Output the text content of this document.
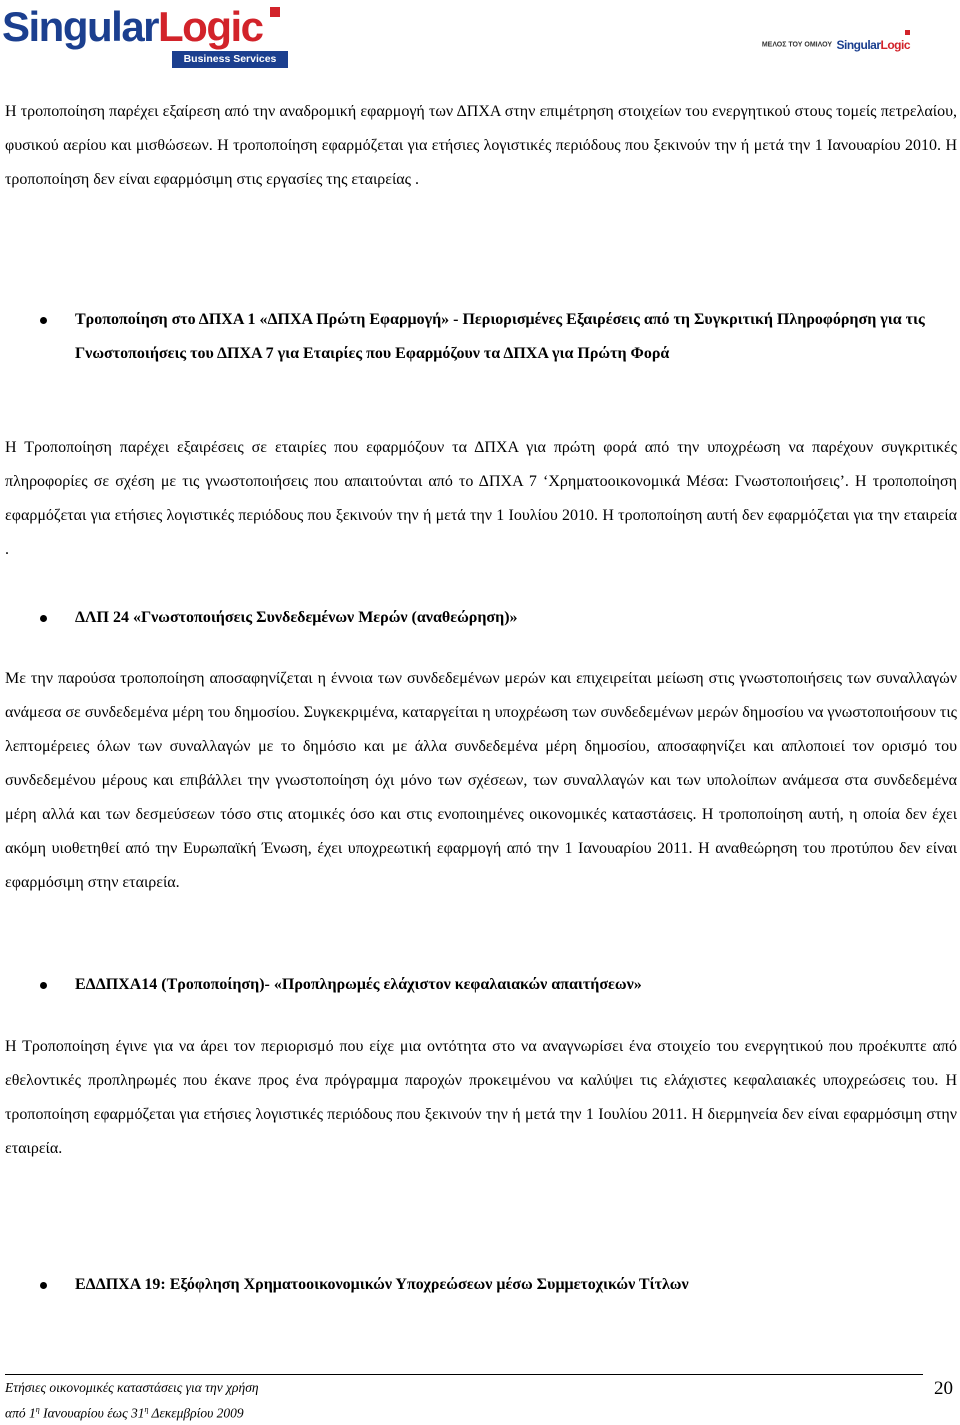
SingularLogic
Business Services
ΜΕΛΟΣ ΤΟΥ ΟΜΙΛΟΥ SingularLogic

Η τροποποίηση παρέχει εξαίρεση από την αναδρομική εφαρμογή των ΔΠΧΑ στην επιμέτρηση στοιχείων του ενεργητικού στους τομείς πετρελαίου, φυσικού αερίου και μισθώσεων. Η τροποποίηση εφαρμόζεται για ετήσιες λογιστικές περιόδους που ξεκινούν την ή μετά την 1 Ιανουαρίου 2010. Η τροποποίηση δεν είναι εφαρμόσιμη στις εργασίες της εταιρείας .

Τροποποίηση στο ΔΠΧΑ 1 «ΔΠΧΑ Πρώτη Εφαρμογή» - Περιορισμένες Εξαιρέσεις από τη Συγκριτική Πληροφόρηση για τις Γνωστοποιήσεις του ΔΠΧΑ 7 για Εταιρίες που Εφαρμόζουν τα ΔΠΧΑ για Πρώτη Φορά

Η Τροποποίηση παρέχει εξαιρέσεις σε εταιρίες που εφαρμόζουν τα ΔΠΧΑ για πρώτη φορά από την υποχρέωση να παρέχουν συγκριτικές πληροφορίες σε σχέση με τις γνωστοποιήσεις που απαιτούνται από το ΔΠΧΑ 7 ‘Χρηματοοικονομικά Μέσα: Γνωστοποιήσεις’. Η τροποποίηση εφαρμόζεται για ετήσιες λογιστικές περιόδους που ξεκινούν την ή μετά την 1 Ιουλίου 2010. Η τροποποίηση αυτή δεν εφαρμόζεται για την εταιρεία .

ΔΛΠ 24 «Γνωστοποιήσεις Συνδεδεμένων Μερών (αναθεώρηση)»

Με την παρούσα τροποποίηση αποσαφηνίζεται η έννοια των συνδεδεμένων μερών και επιχειρείται μείωση στις γνωστοποιήσεις των συναλλαγών ανάμεσα σε συνδεδεμένα μέρη του δημοσίου. Συγκεκριμένα, καταργείται η υποχρέωση των συνδεδεμένων μερών δημοσίου να γνωστοποιήσουν τις λεπτομέρειες όλων των συναλλαγών με το δημόσιο και με άλλα συνδεδεμένα μέρη δημοσίου, αποσαφηνίζει και απλοποιεί τον ορισμό του συνδεδεμένου μέρους και επιβάλλει την γνωστοποίηση όχι μόνο των σχέσεων, των συναλλαγών και των υπολοίπων ανάμεσα στα συνδεδεμένα μέρη αλλά και των δεσμεύσεων τόσο στις ατομικές όσο και στις ενοποιημένες οικονομικές καταστάσεις. Η τροποποίηση αυτή, η οποία δεν έχει ακόμη υιοθετηθεί από την Ευρωπαϊκή Ένωση, έχει υποχρεωτική εφαρμογή από την 1 Ιανουαρίου 2011. Η αναθεώρηση του προτύπου δεν είναι εφαρμόσιμη στην εταιρεία.

ΕΔΔΠΧΑ14 (Τροποποίηση)- «Προπληρωμές ελάχιστον κεφαλαιακών απαιτήσεων»

Η Τροποποίηση έγινε για να άρει τον περιορισμό που είχε μια οντότητα στο να αναγνωρίσει ένα στοιχείο του ενεργητικού που προέκυπτε από εθελοντικές προπληρωμές που έκανε προς ένα πρόγραμμα παροχών προκειμένου να καλύψει τις ελάχιστες κεφαλαιακές υποχρεώσεις του. Η τροποποίηση εφαρμόζεται για ετήσιες λογιστικές περιόδους που ξεκινούν την ή μετά την 1 Ιουλίου 2011. Η διερμηνεία δεν είναι εφαρμόσιμη στην εταιρεία.

ΕΔΔΠΧΑ 19: Εξόφληση Χρηματοοικονομικών Υποχρεώσεων μέσω Συμμετοχικών Τίτλων

Ετήσιες οικονομικές καταστάσεις για την χρήση
από $1^\eta$ Ιανουαρίου έως $31^\eta$ Δεκεμβρίου 2009
20
